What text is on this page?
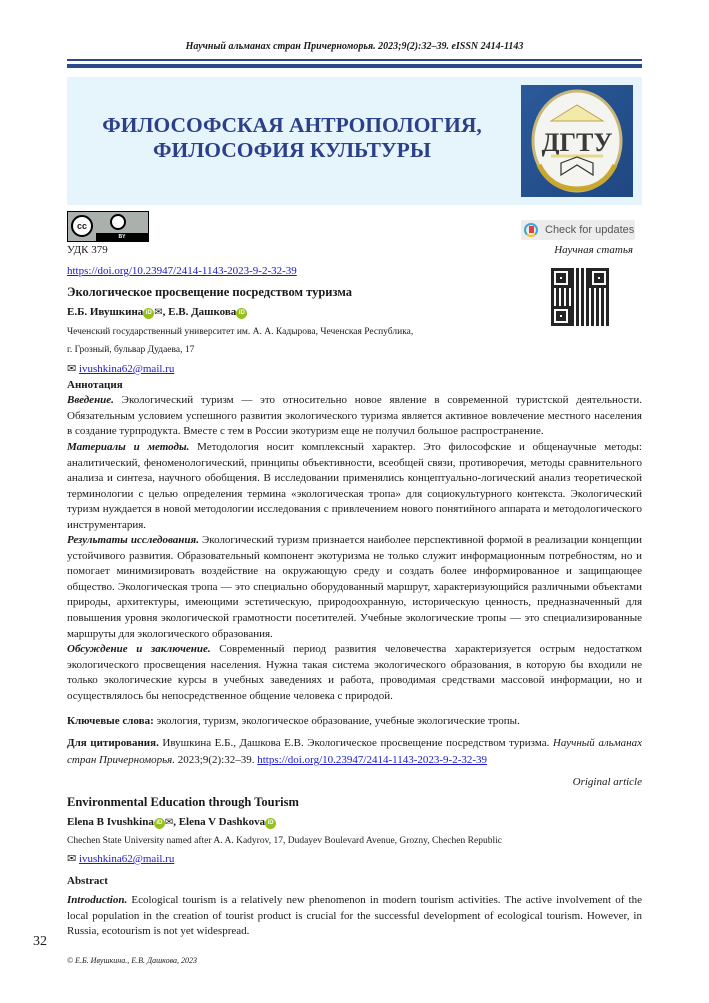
Научный альманах стран Причерноморья. 2023;9(2):32–39. eISSN 2414-1143
ФИЛОСОФСКАЯ АНТРОПОЛОГИЯ,
ФИЛОСОФИЯ КУЛЬТУРЫ	ДГТУ
cc
BY
Check for updates
УДК 379	Научная статья
https://doi.org/10.23947/2414-1143-2023-9-2-32-39
Экологическое просвещение посредством туризма
Е.Б. Ивушкина iD ✉, Е.В. Дашкова iD
Чеченский государственный университет им. А. А. Кадырова, Чеченская Республика,
г. Грозный, бульвар Дудаева, 17
✉ ivushkina62@mail.ru
Аннотация
Введение. Экологический туризм — это относительно новое явление в современной туристской деятельности. Обязательным условием успешного развития экологического туризма является активное вовлечение местного населения в создание турпродукта. Вместе с тем в России экотуризм еще не получил большое распространение.
Материалы и методы. Методология носит комплексный характер. Это философские и общенаучные методы: аналитический, феноменологический, принципы объективности, всеобщей связи, противоречия, методы сравнительного анализа и синтеза, научного обобщения. В исследовании применялись концептуально-логический анализ теоретической терминологии с целью определения термина «экологическая тропа» для социокультурного контекста. Экологический туризм нуждается в новой методологии исследования с привлечением нового понятийного аппарата и методологического инструментария.
Результаты исследования. Экологический туризм признается наиболее перспективной формой в реализации концепции устойчивого развития. Образовательный компонент экотуризма не только служит информационным потребностям, но и помогает минимизировать воздействие на окружающую среду и создать более информированное и защищающее общество. Экологическая тропа — это специально оборудованный маршрут, характеризующийся различными объектами природы, архитектуры, имеющими эстетическую, природоохранную, историческую ценность, предназначенный для повышения уровня экологической грамотности посетителей. Учебные экологические тропы — это специализированные маршруты для экологического образования.
Обсуждение и заключение. Современный период развития человечества характеризуется острым недостатком экологического просвещения населения. Нужна такая система экологического образования, в которую бы входили не только экологические курсы в учебных заведениях и работа, проводимая средствами массовой информации, но и осуществлялось бы непосредственное общение человека с природой.
Ключевые слова: экология, туризм, экологическое образование, учебные экологические тропы.
Для цитирования. Ивушкина Е.Б., Дашкова Е.В. Экологическое просвещение посредством туризма. Научный альманах стран Причерноморья. 2023;9(2):32–39. https://doi.org/10.23947/2414-1143-2023-9-2-32-39
Original article
Environmental Education through Tourism
Elena B Ivushkina iD ✉, Elena V Dashkova iD
Chechen State University named after A. A. Kadyrov, 17, Dudayev Boulevard Avenue, Grozny, Chechen Republic
✉ ivushkina62@mail.ru
Abstract
Introduction. Ecological tourism is a relatively new phenomenon in modern tourism activities. The active involvement of the local population in the creation of tourist product is crucial for the successful development of ecological tourism. However, in Russia, ecotourism is not yet widespread.
32
© Е.Б. Ивушкина., Е.В. Дашкова, 2023
